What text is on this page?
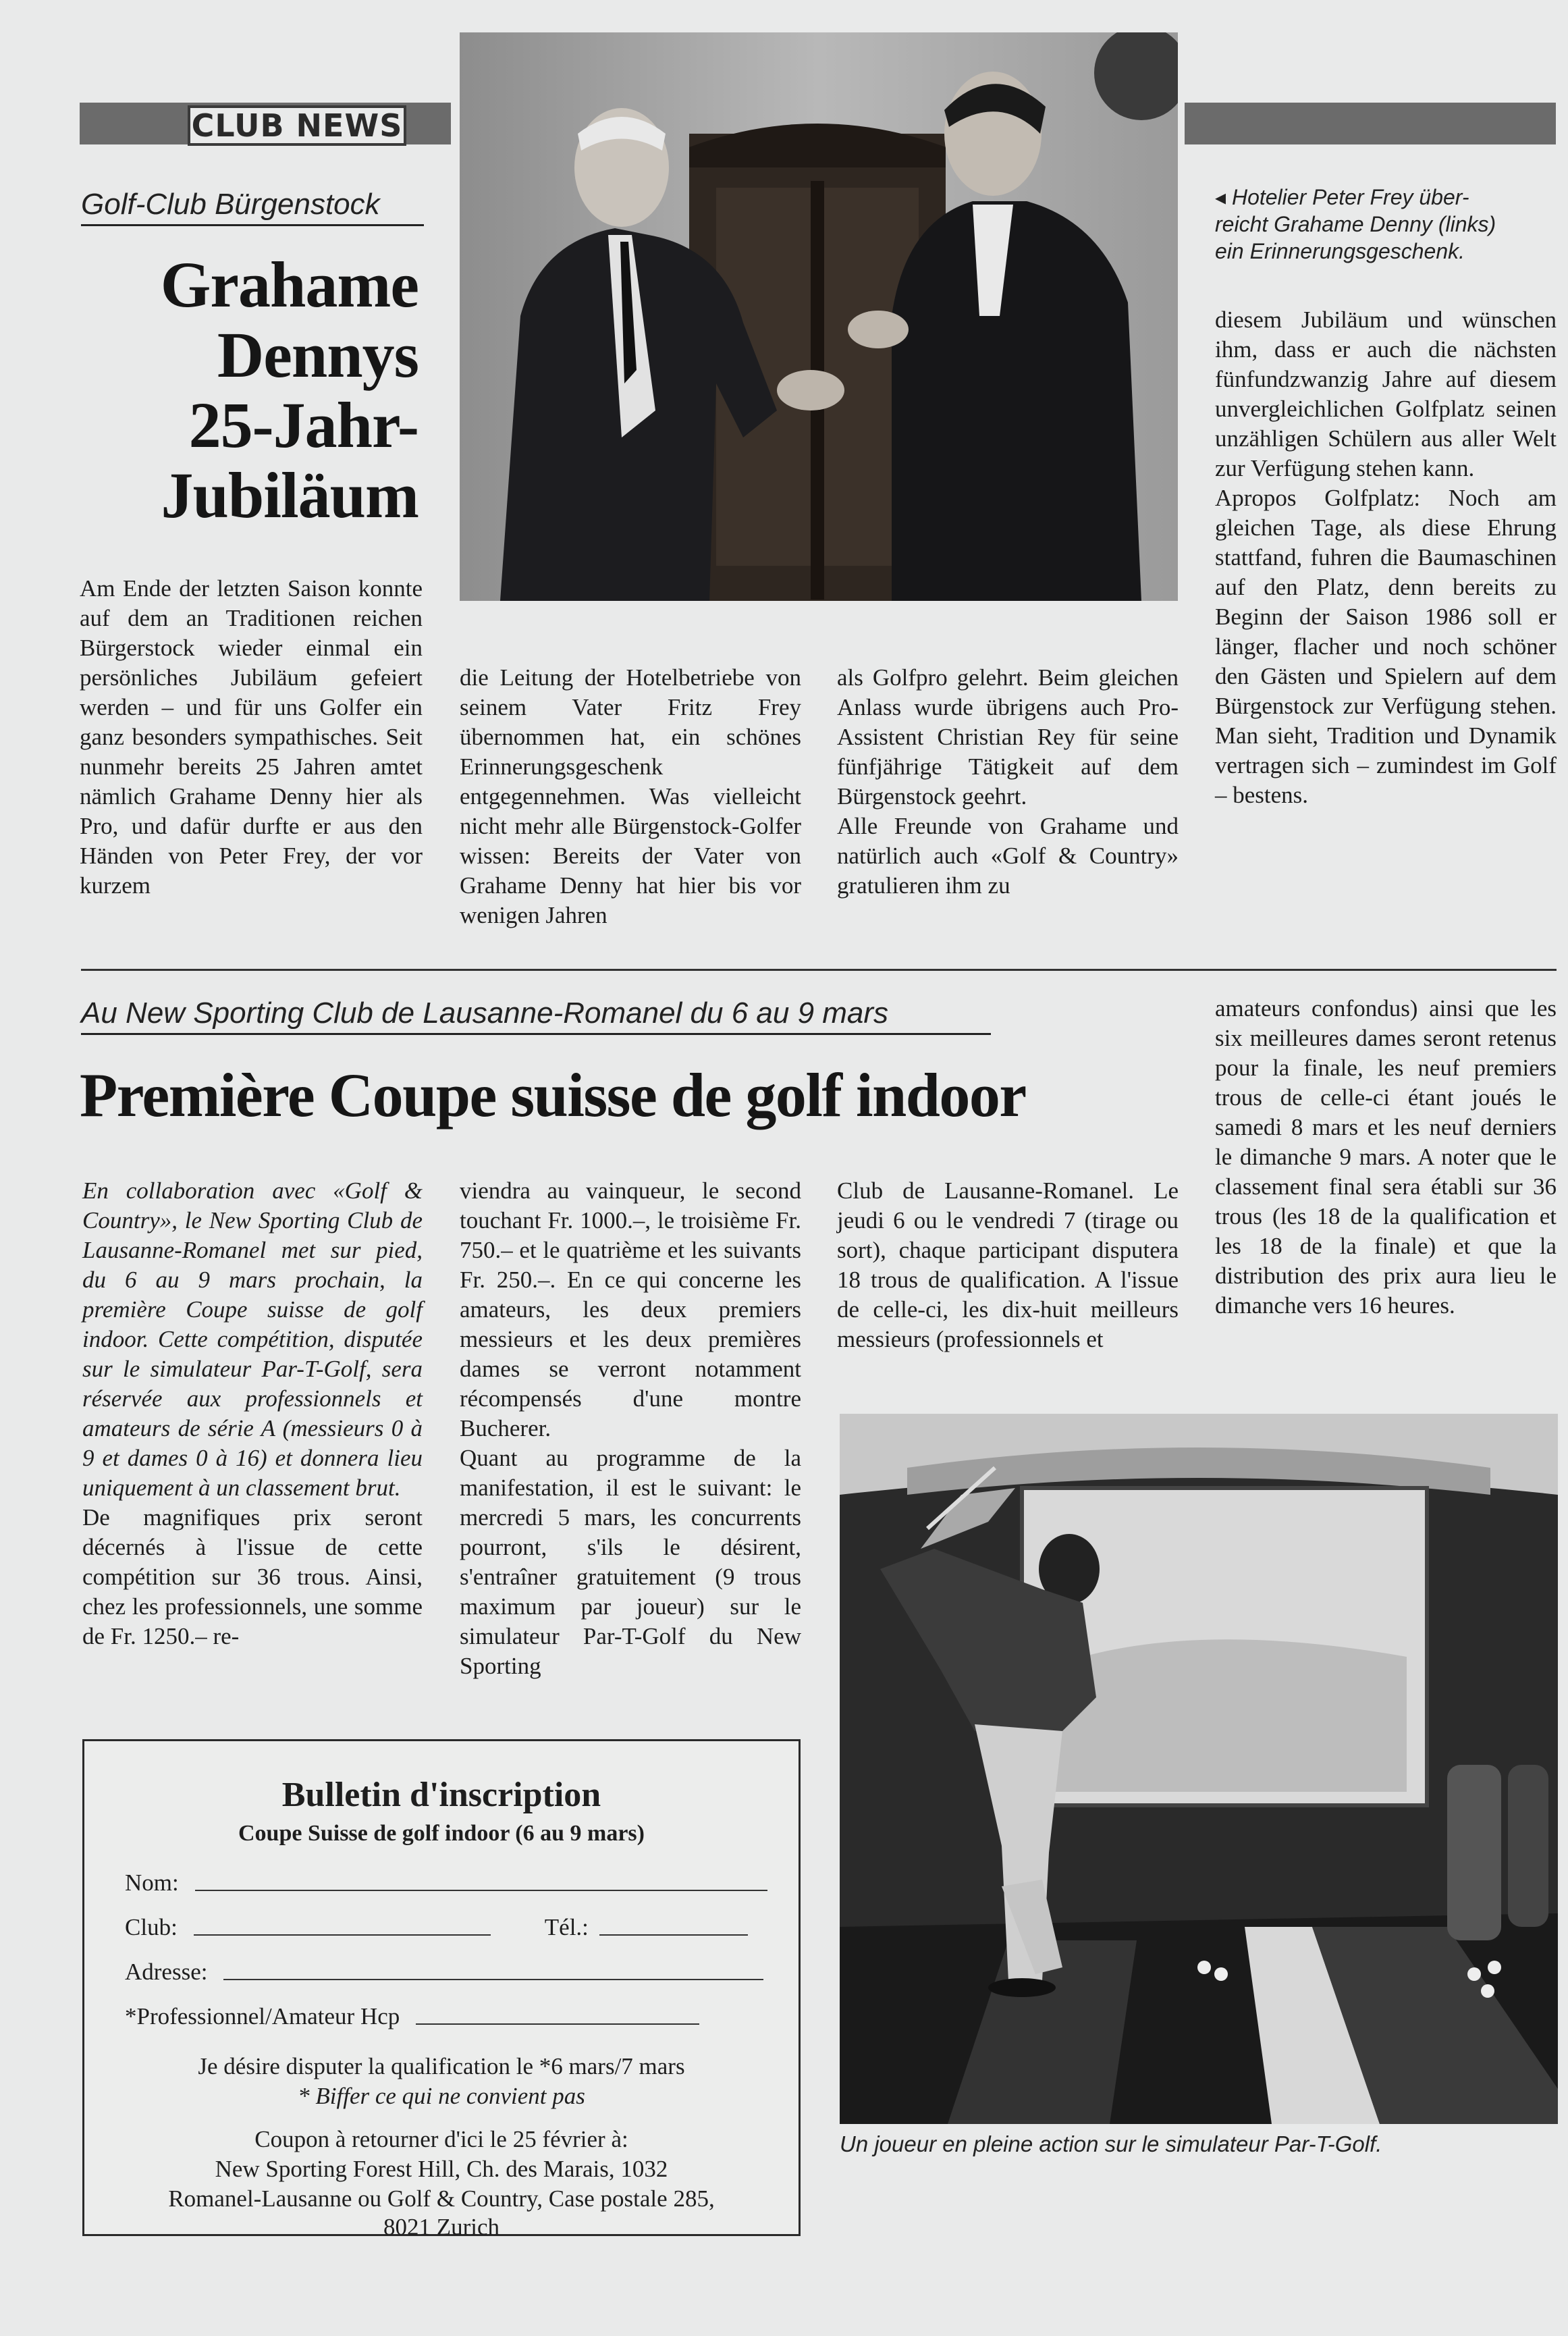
CLUB NEWS
Golf-Club Bürgenstock
Grahame
Dennys
25-Jahr-
Jubiläum
◂ Hotelier Peter Frey über-
reicht Grahame Denny (links)
ein Erinnerungsgeschenk.

Am Ende der letzten Saison konnte auf dem an Traditionen reichen Bürgerstock wieder einmal ein persönliches Jubiläum gefeiert werden – und für uns Golfer ein ganz besonders sympathisches. Seit nunmehr bereits 25 Jahren amtet nämlich Grahame Denny hier als Pro, und dafür durfte er aus den Händen von Peter Frey, der vor kurzem

die Leitung der Hotelbetriebe von seinem Vater Fritz Frey übernommen hat, ein schönes Erinnerungsgeschenk entgegennehmen. Was vielleicht nicht mehr alle Bürgenstock-Golfer wissen: Bereits der Vater von Grahame Denny hat hier bis vor wenigen Jahren

als Golfpro gelehrt. Beim gleichen Anlass wurde übrigens auch Pro-Assistent Christian Rey für seine fünfjährige Tätigkeit auf dem Bürgenstock geehrt.

Alle Freunde von Grahame und natürlich auch «Golf & Country» gratulieren ihm zu

diesem Jubiläum und wünschen ihm, dass er auch die nächsten fünfundzwanzig Jahre auf diesem unvergleichlichen Golfplatz seinen unzähligen Schülern aus aller Welt zur Verfügung stehen kann.

Apropos Golfplatz: Noch am gleichen Tage, als diese Ehrung stattfand, fuhren die Baumaschinen auf den Platz, denn bereits zu Beginn der Saison 1986 soll er länger, flacher und noch schöner den Gästen und Spielern auf dem Bürgenstock zur Verfügung stehen. Man sieht, Tradition und Dynamik vertragen sich – zumindest im Golf – bestens.

Au New Sporting Club de Lausanne-Romanel du 6 au 9 mars
Première Coupe suisse de golf indoor

En collaboration avec «Golf & Country», le New Sporting Club de Lausanne-Romanel met sur pied, du 6 au 9 mars prochain, la première Coupe suisse de golf indoor. Cette compétition, disputée sur le simulateur Par-T-Golf, sera réservée aux professionnels et amateurs de série A (messieurs 0 à 9 et dames 0 à 16) et donnera lieu uniquement à un classement brut.

De magnifiques prix seront décernés à l'issue de cette compétition sur 36 trous. Ainsi, chez les professionnels, une somme de Fr. 1250.– re-

viendra au vainqueur, le second touchant Fr. 1000.–, le troisième Fr. 750.– et le quatrième et les suivants Fr. 250.–. En ce qui concerne les amateurs, les deux premiers messieurs et les deux premières dames se verront notamment récompensés d'une montre Bucherer.

Quant au programme de la manifestation, il est le suivant: le mercredi 5 mars, les concurrents pourront, s'ils le désirent, s'entraîner gratuitement (9 trous maximum par joueur) sur le simulateur Par-T-Golf du New Sporting

Club de Lausanne-Romanel. Le jeudi 6 ou le vendredi 7 (tirage ou sort), chaque participant disputera 18 trous de qualification. A l'issue de celle-ci, les dix-huit meilleurs messieurs (professionnels et

amateurs confondus) ainsi que les six meilleures dames seront retenus pour la finale, les neuf premiers trous de celle-ci étant joués le samedi 8 mars et les neuf derniers le dimanche 9 mars. A noter que le classement final sera établi sur 36 trous (les 18 de la qualification et les 18 de la finale) et que la distribution des prix aura lieu le dimanche vers 16 heures.

Un joueur en pleine action sur le simulateur Par-T-Golf.
Bulletin d'inscription
Coupe Suisse de golf indoor (6 au 9 mars)
Nom:
Club:	Tél.:
Adresse:
*Professionnel/Amateur Hcp
Je désire disputer la qualification le *6 mars/7 mars
* Biffer ce qui ne convient pas
Coupon à retourner d'ici le 25 février à:
New Sporting Forest Hill, Ch. des Marais, 1032
Romanel-Lausanne ou Golf & Country, Case postale 285,
8021 Zurich
